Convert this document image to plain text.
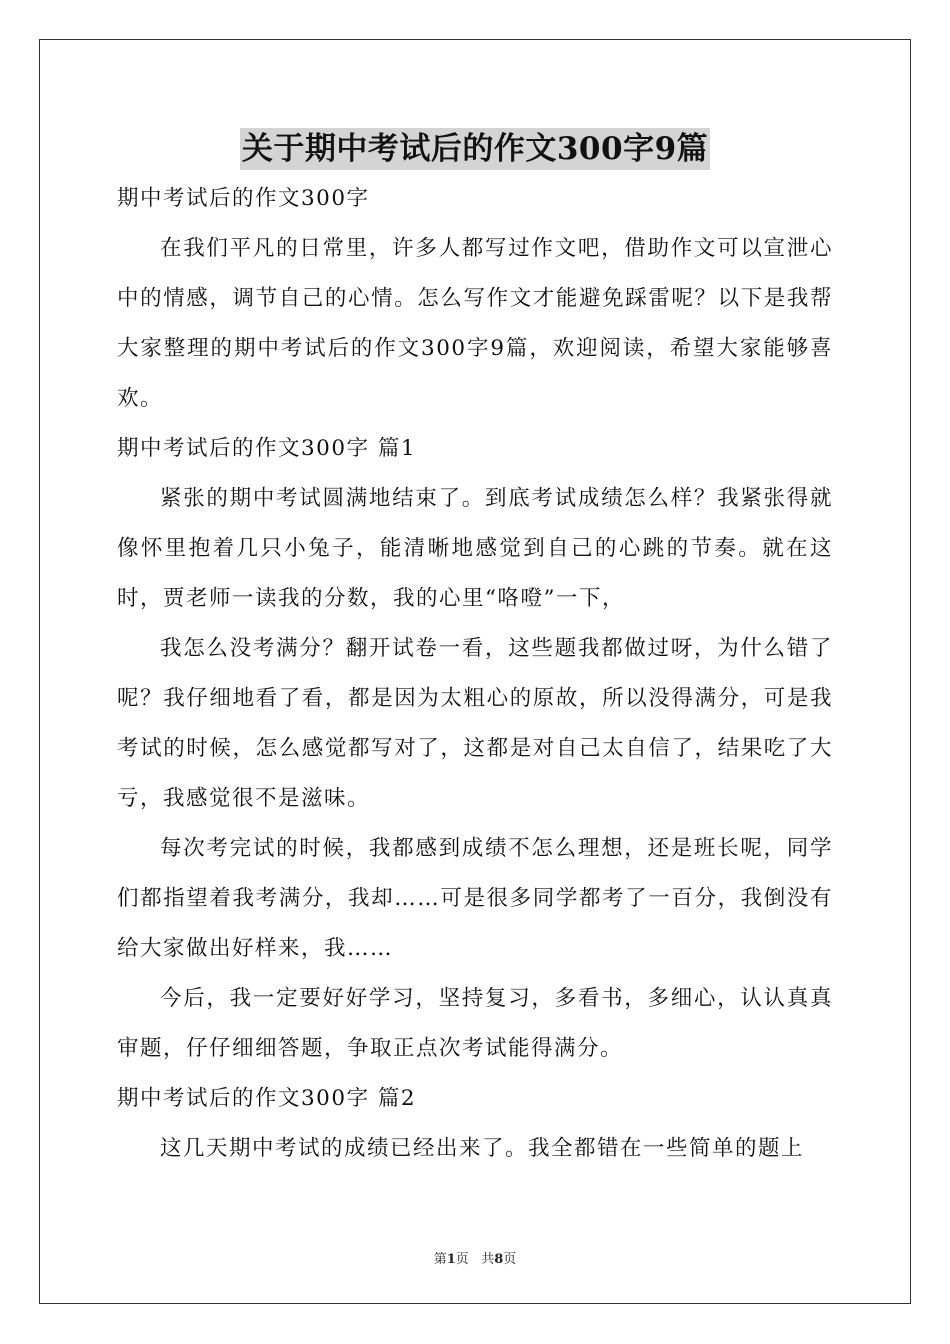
关于期中考试后的作文300字9篇

期中考试后的作文300字

在我们平凡的日常里，许多人都写过作文吧，借助作文可以宣泄心中的情感，调节自己的心情。怎么写作文才能避免踩雷呢？以下是我帮大家整理的期中考试后的作文300字9篇，欢迎阅读，希望大家能够喜欢。

期中考试后的作文300字 篇1

紧张的期中考试圆满地结束了。到底考试成绩怎么样？我紧张得就像怀里抱着几只小兔子，能清晰地感觉到自己的心跳的节奏。就在这时，贾老师一读我的分数，我的心里“咯噔”一下，

我怎么没考满分？翻开试卷一看，这些题我都做过呀，为什么错了呢？我仔细地看了看，都是因为太粗心的原故，所以没得满分，可是我考试的时候，怎么感觉都写对了，这都是对自己太自信了，结果吃了大亏，我感觉很不是滋味。

每次考完试的时候，我都感到成绩不怎么理想，还是班长呢，同学们都指望着我考满分，我却……可是很多同学都考了一百分，我倒没有给大家做出好样来，我……

今后，我一定要好好学习，坚持复习，多看书，多细心，认认真真审题，仔仔细细答题，争取正点次考试能得满分。

期中考试后的作文300字 篇2

这几天期中考试的成绩已经出来了。我全都错在一些简单的题上

第1页 共8页
